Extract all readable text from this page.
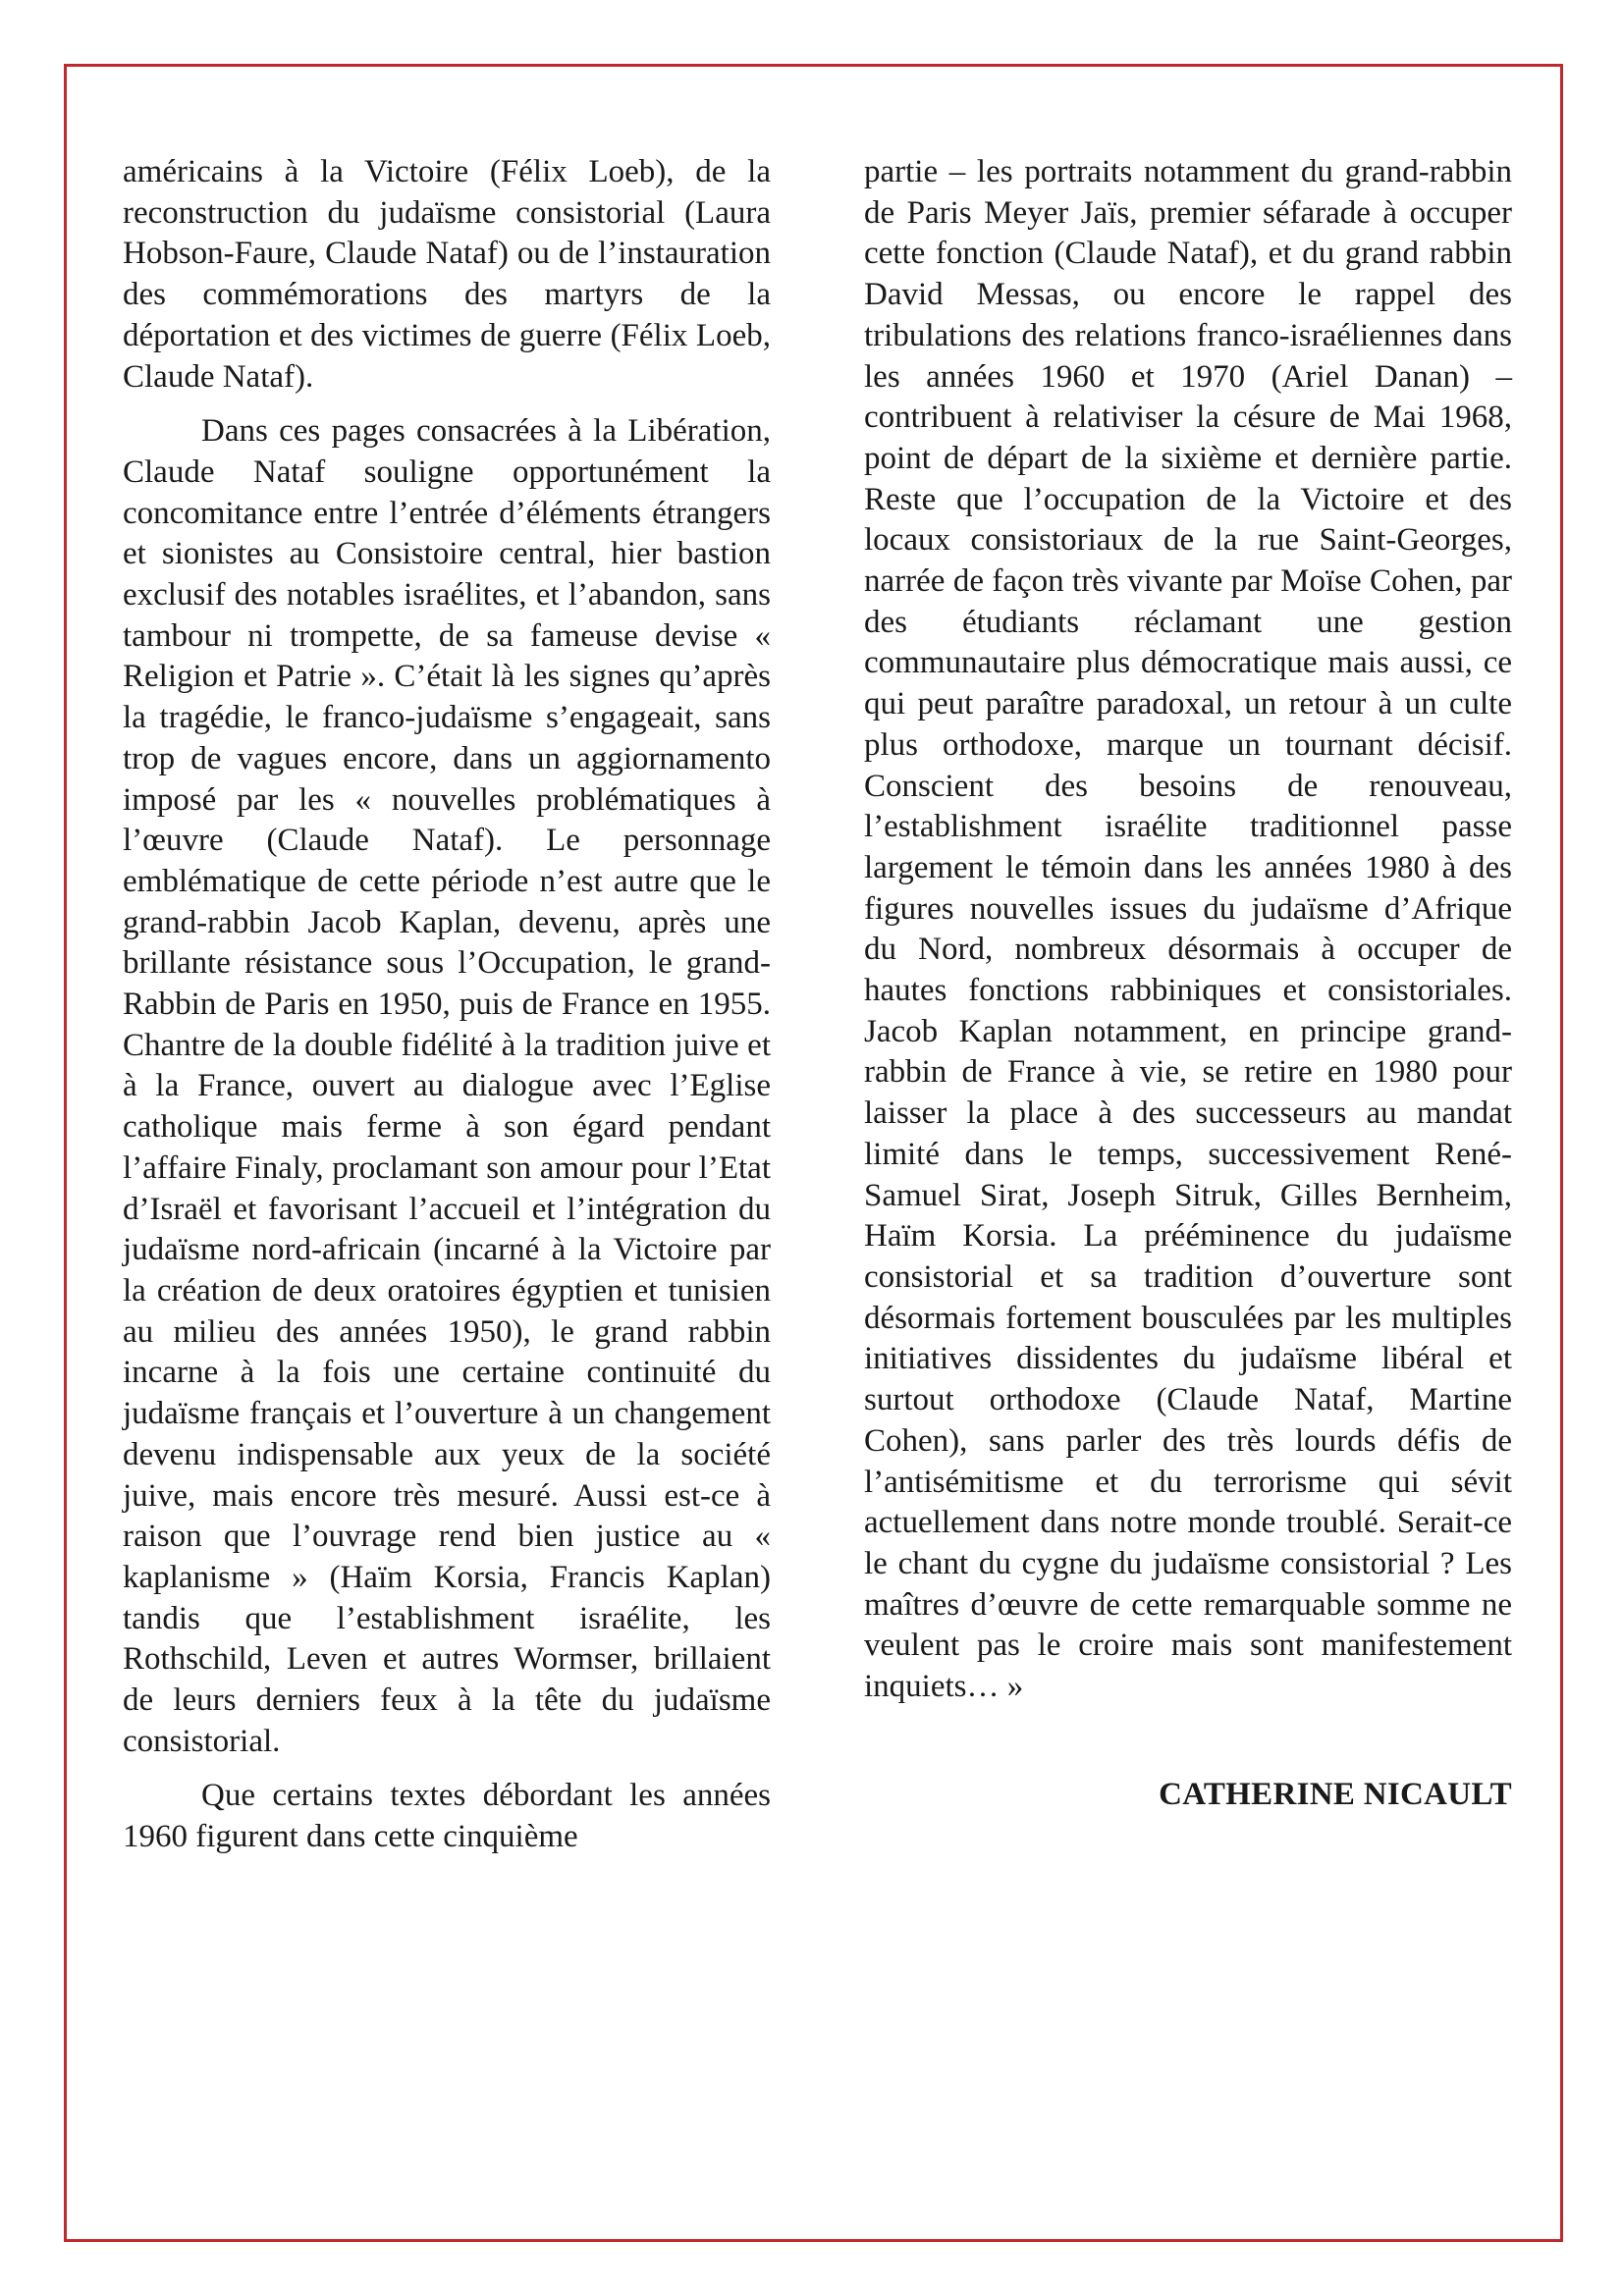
américains à la Victoire (Félix Loeb), de la reconstruction du judaïsme consistorial (Laura Hobson-Faure, Claude Nataf) ou de l’instauration des commémorations des martyrs de la déportation et des victimes de guerre (Félix Loeb, Claude Nataf).

Dans ces pages consacrées à la Libération, Claude Nataf souligne opportunément la concomitance entre l’entrée d’éléments étrangers et sionistes au Consistoire central, hier bastion exclusif des notables israélites, et l’abandon, sans tambour ni trompette, de sa fameuse devise « Religion et Patrie ». C’était là les signes qu’après la tragédie, le franco-judaïsme s’engageait, sans trop de vagues encore, dans un aggiornamento imposé par les « nouvelles problématiques à l’œuvre (Claude Nataf). Le personnage emblématique de cette période n’est autre que le grand-rabbin Jacob Kaplan, devenu, après une brillante résistance sous l’Occupation, le grand-Rabbin de Paris en 1950, puis de France en 1955. Chantre de la double fidélité à la tradition juive et à la France, ouvert au dialogue avec l’Eglise catholique mais ferme à son égard pendant l’affaire Finaly, proclamant son amour pour l’Etat d’Israël et favorisant l’accueil et l’intégration du judaïsme nord-africain (incarné à la Victoire par la création de deux oratoires égyptien et tunisien au milieu des années 1950), le grand rabbin incarne à la fois une certaine continuité du judaïsme français et l’ouverture à un changement devenu indispensable aux yeux de la société juive, mais encore très mesuré. Aussi est-ce à raison que l’ouvrage rend bien justice au « kaplanisme » (Haïm Korsia, Francis Kaplan) tandis que l’establishment israélite, les Rothschild, Leven et autres Wormser, brillaient de leurs derniers feux à la tête du judaïsme consistorial.

Que certains textes débordant les années 1960 figurent dans cette cinquième

partie – les portraits notamment du grand-rabbin de Paris Meyer Jaïs, premier séfarade à occuper cette fonction (Claude Nataf), et du grand rabbin David Messas, ou encore le rappel des tribulations des relations franco-israéliennes dans les années 1960 et 1970 (Ariel Danan) – contribuent à relativiser la césure de Mai 1968, point de départ de la sixième et dernière partie. Reste que l’occupation de la Victoire et des locaux consistoriaux de la rue Saint-Georges, narrée de façon très vivante par Moïse Cohen, par des étudiants réclamant une gestion communautaire plus démocratique mais aussi, ce qui peut paraître paradoxal, un retour à un culte plus orthodoxe, marque un tournant décisif. Conscient des besoins de renouveau, l’establishment israélite traditionnel passe largement le témoin dans les années 1980 à des figures nouvelles issues du judaïsme d’Afrique du Nord, nombreux désormais à occuper de hautes fonctions rabbiniques et consistoriales. Jacob Kaplan notamment, en principe grand-rabbin de France à vie, se retire en 1980 pour laisser la place à des successeurs au mandat limité dans le temps, successivement René-Samuel Sirat, Joseph Sitruk, Gilles Bernheim, Haïm Korsia. La prééminence du judaïsme consistorial et sa tradition d’ouverture sont désormais fortement bousculées par les multiples initiatives dissidentes du judaïsme libéral et surtout orthodoxe (Claude Nataf, Martine Cohen), sans parler des très lourds défis de l’antisémitisme et du terrorisme qui sévit actuellement dans notre monde troublé. Serait-ce le chant du cygne du judaïsme consistorial ? Les maîtres d’œuvre de cette remarquable somme ne veulent pas le croire mais sont manifestement inquiets… »

CATHERINE NICAULT
